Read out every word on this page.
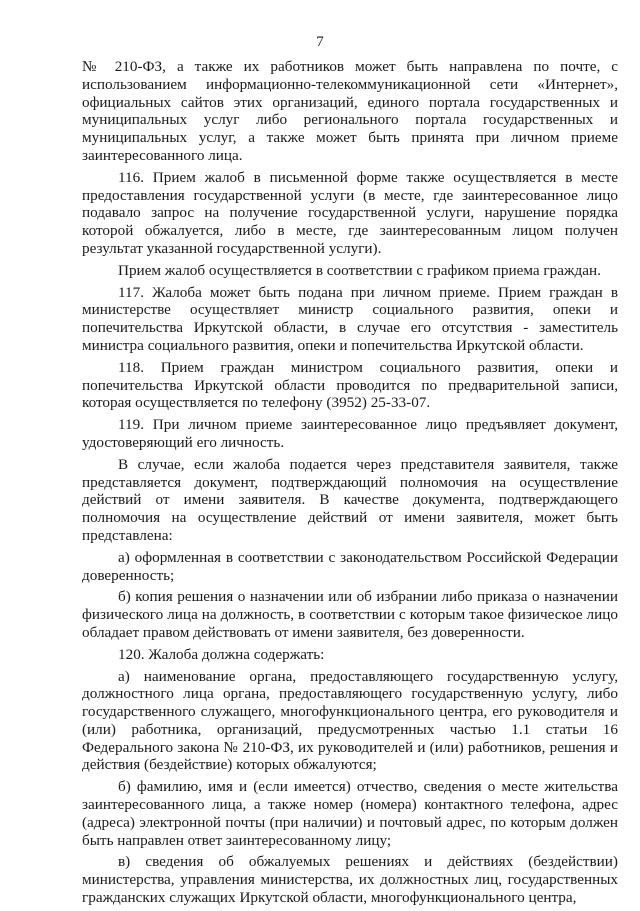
7

№ 210-ФЗ, а также их работников может быть направлена по почте, с использованием информационно-телекоммуникационной сети «Интернет», официальных сайтов этих организаций, единого портала государственных и муниципальных услуг либо регионального портала государственных и муниципальных услуг, а также может быть принята при личном приеме заинтересованного лица.

116. Прием жалоб в письменной форме также осуществляется в месте предоставления государственной услуги (в месте, где заинтересованное лицо подавало запрос на получение государственной услуги, нарушение порядка которой обжалуется, либо в месте, где заинтересованным лицом получен результат указанной государственной услуги).

Прием жалоб осуществляется в соответствии с графиком приема граждан.

117. Жалоба может быть подана при личном приеме. Прием граждан в министерстве осуществляет министр социального развития, опеки и попечительства Иркутской области, в случае его отсутствия - заместитель министра социального развития, опеки и попечительства Иркутской области.

118. Прием граждан министром социального развития, опеки и попечительства Иркутской области проводится по предварительной записи, которая осуществляется по телефону (3952) 25-33-07.

119. При личном приеме заинтересованное лицо предъявляет документ, удостоверяющий его личность.

В случае, если жалоба подается через представителя заявителя, также представляется документ, подтверждающий полномочия на осуществление действий от имени заявителя. В качестве документа, подтверждающего полномочия на осуществление действий от имени заявителя, может быть представлена:

а) оформленная в соответствии с законодательством Российской Федерации доверенность;

б) копия решения о назначении или об избрании либо приказа о назначении физического лица на должность, в соответствии с которым такое физическое лицо обладает правом действовать от имени заявителя, без доверенности.

120. Жалоба должна содержать:

а) наименование органа, предоставляющего государственную услугу, должностного лица органа, предоставляющего государственную услугу, либо государственного служащего, многофункционального центра, его руководителя и (или) работника, организаций, предусмотренных частью 1.1 статьи 16 Федерального закона № 210-ФЗ, их руководителей и (или) работников, решения и действия (бездействие) которых обжалуются;

б) фамилию, имя и (если имеется) отчество, сведения о месте жительства заинтересованного лица, а также номер (номера) контактного телефона, адрес (адреса) электронной почты (при наличии) и почтовый адрес, по которым должен быть направлен ответ заинтересованному лицу;

в) сведения об обжалуемых решениях и действиях (бездействии) министерства, управления министерства, их должностных лиц, государственных гражданских служащих Иркутской области, многофункционального центра,
